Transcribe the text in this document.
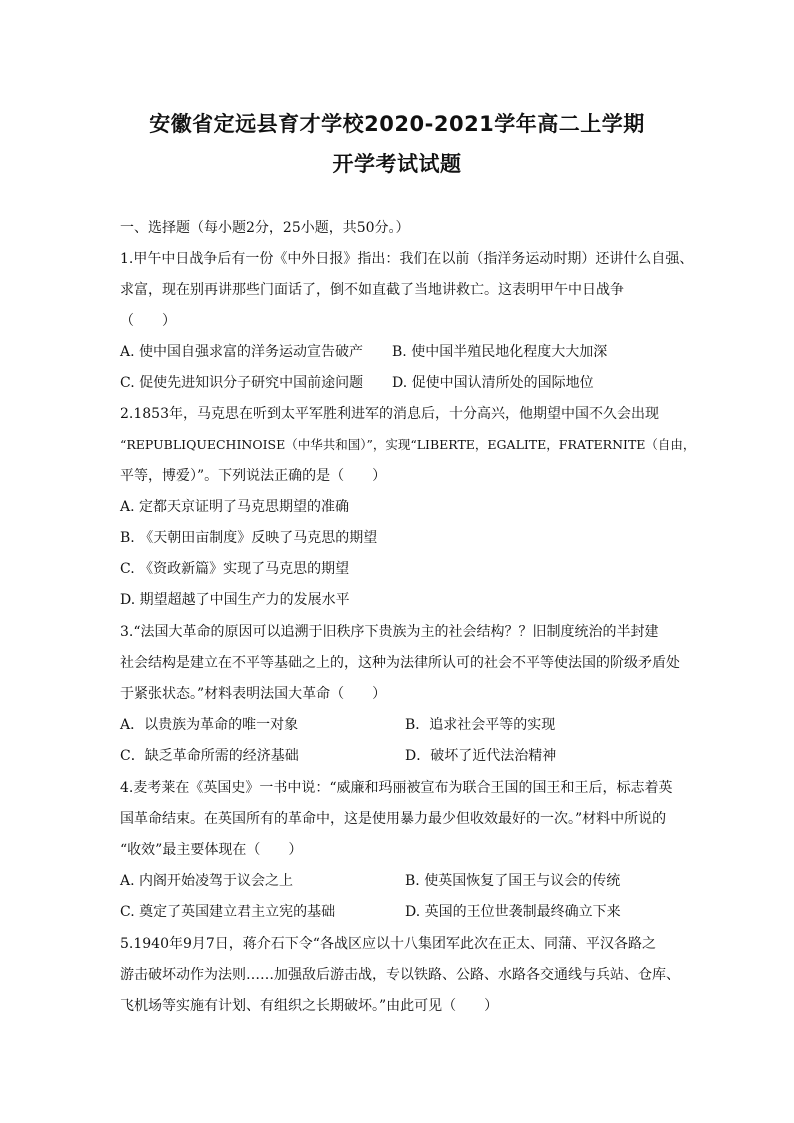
安徽省定远县育才学校2020-2021学年高二上学期
开学考试试题
一、选择题（每小题2分，25小题，共50分。）
1.甲午中日战争后有一份《中外日报》指出：我们在以前（指洋务运动时期）还讲什么自强、
求富，现在别再讲那些门面话了，倒不如直截了当地讲救亡。这表明甲午中日战争
（　　）
A. 使中国自强求富的洋务运动宣告破产 B. 使中国半殖民地化程度大大加深
C. 促使先进知识分子研究中国前途问题 D. 促使中国认清所处的国际地位
2.1853年，马克思在听到太平军胜利进军的消息后，十分高兴，他期望中国不久会出现
“REPUBLIQUECHINOISE（中华共和国）”，实现“LIBERTE，EGALITE，FRATERNITE（自由，
平等，博爱）”。下列说法正确的是（　　）
A. 定都天京证明了马克思期望的准确
B. 《天朝田亩制度》反映了马克思的期望
C. 《资政新篇》实现了马克思的期望
D. 期望超越了中国生产力的发展水平
3.“法国大革命的原因可以追溯于旧秩序下贵族为主的社会结构？？旧制度统治的半封建
社会结构是建立在不平等基础之上的，这种为法律所认可的社会不平等使法国的阶级矛盾处
于紧张状态。”材料表明法国大革命（　　）
A．以贵族为革命的唯一对象	B．追求社会平等的实现
C．缺乏革命所需的经济基础	D．破坏了近代法治精神
4.麦考莱在《英国史》一书中说：“威廉和玛丽被宣布为联合王国的国王和王后，标志着英
国革命结束。在英国所有的革命中，这是使用暴力最少但收效最好的一次。”材料中所说的
“收效”最主要体现在（　　）
A. 内阁开始凌驾于议会之上	B. 使英国恢复了国王与议会的传统
C. 奠定了英国建立君主立宪的基础	D. 英国的王位世袭制最终确立下来
5.1940年9月7日，蒋介石下令“各战区应以十八集团军此次在正太、同蒲、平汉各路之
游击破坏动作为法则……加强敌后游击战，专以铁路、公路、水路各交通线与兵站、仓库、
飞机场等实施有计划、有组织之长期破坏。”由此可见（　　）
